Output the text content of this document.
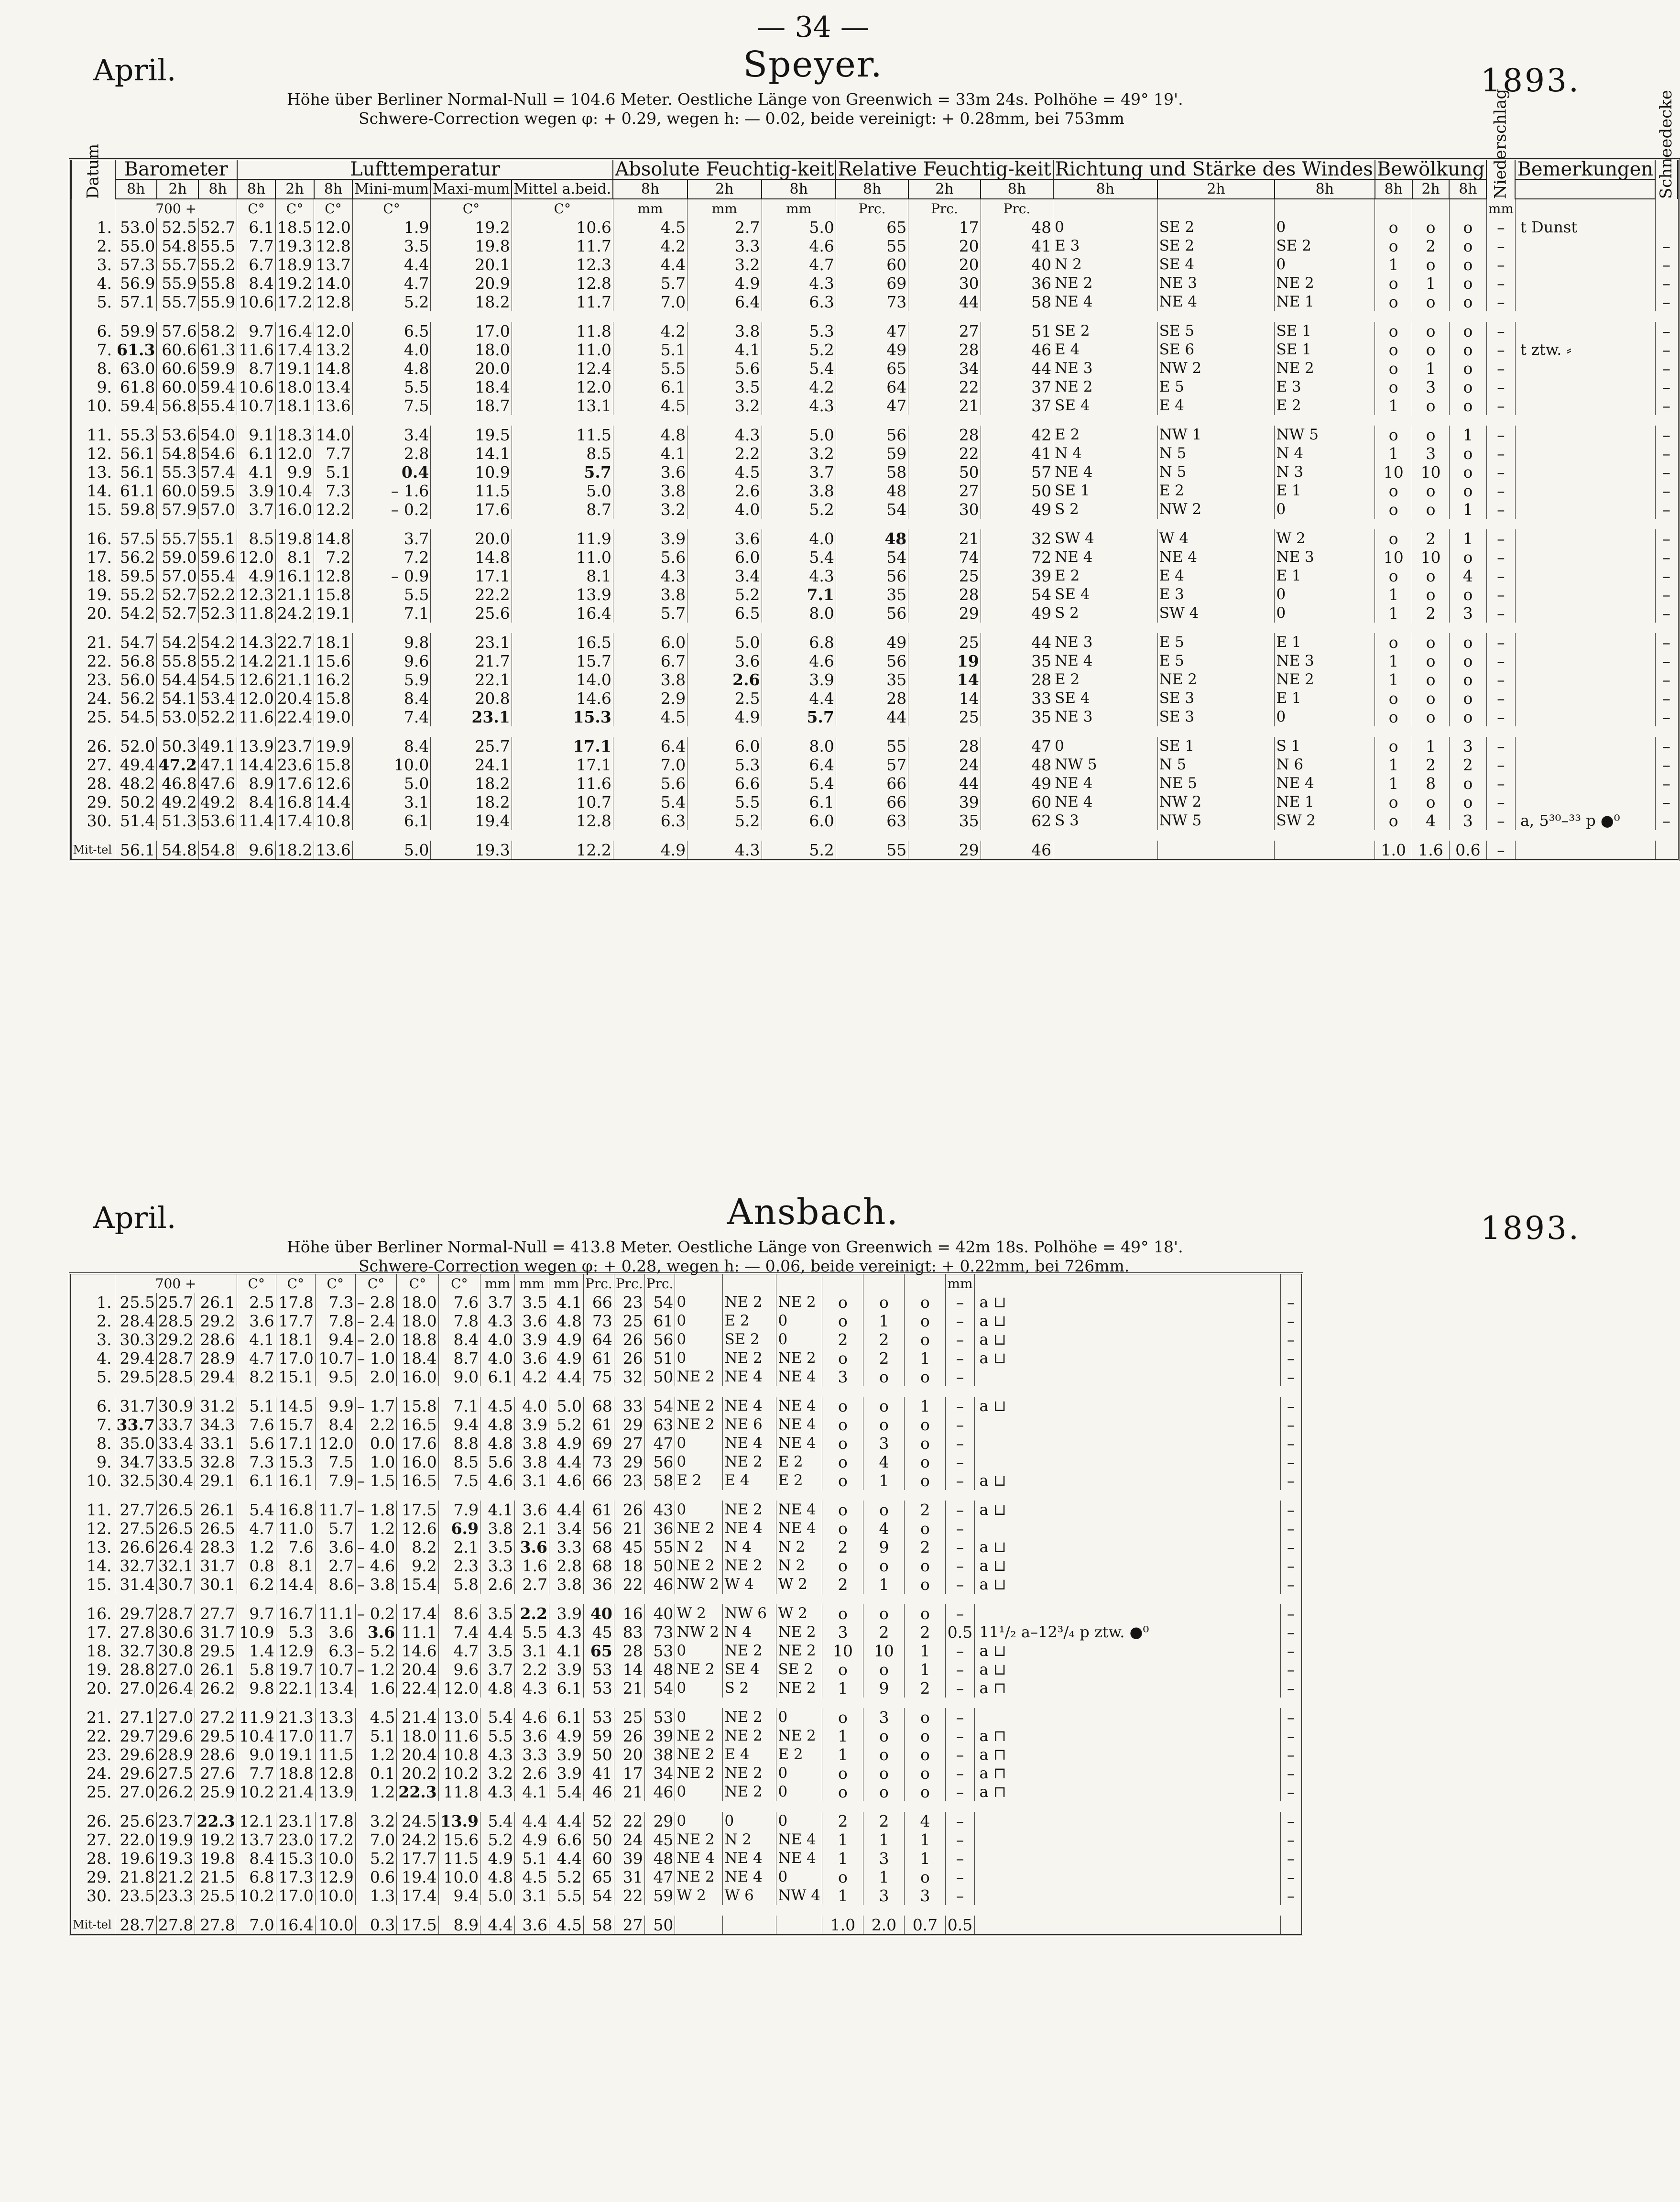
— 34 —
April.	Speyer.	1893.
Höhe über Berliner Normal-Null = 104.6 Meter. Oestliche Länge von Greenwich = 33m 24s. Polhöhe = 49° 19'.
Schwere-Correction wegen φ: + 0.29, wegen h: — 0.02, beide vereinigt: + 0.28mm, bei 753mm
Datum	Barometer			Lufttemperatur						Absolute Feuchtig-keit			Relative Feuchtig-keit			Richtung und Stärke des Windes			Bewölkung			Niederschlag	Bemerkungen	Schneedecke
	8h	2h	8h	8h	2h	8h	Mini-mum	Maxi-mum	Mittel a.beid.	8h	2h	8h	8h	2h	8h	8h	2h	8h	8h	2h	8h			
	700 +			C°	C°	C°	C°	C°	C°	mm	mm	mm	Prc.	Prc.	Prc.							mm		
1.	53.0	52.5	52.7	6.1	18.5	12.0	1.9	19.2	10.6	4.5	2.7	5.0	65	17	48	0	SE 2	0	o	o	o	–	t Dunst	
2.	55.0	54.8	55.5	7.7	19.3	12.8	3.5	19.8	11.7	4.2	3.3	4.6	55	20	41	E 3	SE 2	SE 2	o	2	o	–		–
3.	57.3	55.7	55.2	6.7	18.9	13.7	4.4	20.1	12.3	4.4	3.2	4.7	60	20	40	N 2	SE 4	0	1	o	o	–		–
4.	56.9	55.9	55.8	8.4	19.2	14.0	4.7	20.9	12.8	5.7	4.9	4.3	69	30	36	NE 2	NE 3	NE 2	o	1	o	–		–
5.	57.1	55.7	55.9	10.6	17.2	12.8	5.2	18.2	11.7	7.0	6.4	6.3	73	44	58	NE 4	NE 4	NE 1	o	o	o	–		–

6.	59.9	57.6	58.2	9.7	16.4	12.0	6.5	17.0	11.8	4.2	3.8	5.3	47	27	51	SE 2	SE 5	SE 1	o	o	o	–		–
7.	61.3	60.6	61.3	11.6	17.4	13.2	4.0	18.0	11.0	5.1	4.1	5.2	49	28	46	E 4	SE 6	SE 1	o	o	o	–	t ztw. ⸗	–
8.	63.0	60.6	59.9	8.7	19.1	14.8	4.8	20.0	12.4	5.5	5.6	5.4	65	34	44	NE 3	NW 2	NE 2	o	1	o	–		–
9.	61.8	60.0	59.4	10.6	18.0	13.4	5.5	18.4	12.0	6.1	3.5	4.2	64	22	37	NE 2	E 5	E 3	o	3	o	–		–
10.	59.4	56.8	55.4	10.7	18.1	13.6	7.5	18.7	13.1	4.5	3.2	4.3	47	21	37	SE 4	E 4	E 2	1	o	o	–		–

11.	55.3	53.6	54.0	9.1	18.3	14.0	3.4	19.5	11.5	4.8	4.3	5.0	56	28	42	E 2	NW 1	NW 5	o	o	1	–		–
12.	56.1	54.8	54.6	6.1	12.0	7.7	2.8	14.1	8.5	4.1	2.2	3.2	59	22	41	N 4	N 5	N 4	1	3	o	–		–
13.	56.1	55.3	57.4	4.1	9.9	5.1	0.4	10.9	5.7	3.6	4.5	3.7	58	50	57	NE 4	N 5	N 3	10	10	o	–		–
14.	61.1	60.0	59.5	3.9	10.4	7.3	– 1.6	11.5	5.0	3.8	2.6	3.8	48	27	50	SE 1	E 2	E 1	o	o	o	–		–
15.	59.8	57.9	57.0	3.7	16.0	12.2	– 0.2	17.6	8.7	3.2	4.0	5.2	54	30	49	S 2	NW 2	0	o	o	1	–		–

16.	57.5	55.7	55.1	8.5	19.8	14.8	3.7	20.0	11.9	3.9	3.6	4.0	48	21	32	SW 4	W 4	W 2	o	2	1	–		–
17.	56.2	59.0	59.6	12.0	8.1	7.2	7.2	14.8	11.0	5.6	6.0	5.4	54	74	72	NE 4	NE 4	NE 3	10	10	o	–		–
18.	59.5	57.0	55.4	4.9	16.1	12.8	– 0.9	17.1	8.1	4.3	3.4	4.3	56	25	39	E 2	E 4	E 1	o	o	4	–		–
19.	55.2	52.7	52.2	12.3	21.1	15.8	5.5	22.2	13.9	3.8	5.2	7.1	35	28	54	SE 4	E 3	0	1	o	o	–		–
20.	54.2	52.7	52.3	11.8	24.2	19.1	7.1	25.6	16.4	5.7	6.5	8.0	56	29	49	S 2	SW 4	0	1	2	3	–		–

21.	54.7	54.2	54.2	14.3	22.7	18.1	9.8	23.1	16.5	6.0	5.0	6.8	49	25	44	NE 3	E 5	E 1	o	o	o	–		–
22.	56.8	55.8	55.2	14.2	21.1	15.6	9.6	21.7	15.7	6.7	3.6	4.6	56	19	35	NE 4	E 5	NE 3	1	o	o	–		–
23.	56.0	54.4	54.5	12.6	21.1	16.2	5.9	22.1	14.0	3.8	2.6	3.9	35	14	28	E 2	NE 2	NE 2	1	o	o	–		–
24.	56.2	54.1	53.4	12.0	20.4	15.8	8.4	20.8	14.6	2.9	2.5	4.4	28	14	33	SE 4	SE 3	E 1	o	o	o	–		–
25.	54.5	53.0	52.2	11.6	22.4	19.0	7.4	23.1	15.3	4.5	4.9	5.7	44	25	35	NE 3	SE 3	0	o	o	o	–		–

26.	52.0	50.3	49.1	13.9	23.7	19.9	8.4	25.7	17.1	6.4	6.0	8.0	55	28	47	0	SE 1	S 1	o	1	3	–		–
27.	49.4	47.2	47.1	14.4	23.6	15.8	10.0	24.1	17.1	7.0	5.3	6.4	57	24	48	NW 5	N 5	N 6	1	2	2	–		–
28.	48.2	46.8	47.6	8.9	17.6	12.6	5.0	18.2	11.6	5.6	6.6	5.4	66	44	49	NE 4	NE 5	NE 4	1	8	o	–		–
29.	50.2	49.2	49.2	8.4	16.8	14.4	3.1	18.2	10.7	5.4	5.5	6.1	66	39	60	NE 4	NW 2	NE 1	o	o	o	–		–
30.	51.4	51.3	53.6	11.4	17.4	10.8	6.1	19.4	12.8	6.3	5.2	6.0	63	35	62	S 3	NW 5	SW 2	o	4	3	–	a, 5³⁰–³³ p ●⁰	–

Mit-tel	56.1	54.8	54.8	9.6	18.2	13.6	5.0	19.3	12.2	4.9	4.3	5.2	55	29	46				1.0	1.6	0.6	–		
April.	Ansbach.	1893.
Höhe über Berliner Normal-Null = 413.8 Meter. Oestliche Länge von Greenwich = 42m 18s. Polhöhe = 49° 18'.
Schwere-Correction wegen φ: + 0.28, wegen h: — 0.06, beide vereinigt: + 0.22mm, bei 726mm.
	700 +			C°	C°	C°	C°	C°	C°	mm	mm	mm	Prc.	Prc.	Prc.							mm		
1.	25.5	25.7	26.1	2.5	17.8	7.3	– 2.8	18.0	7.6	3.7	3.5	4.1	66	23	54	0	NE 2	NE 2	o	o	o	–	a ⊔	–
2.	28.4	28.5	29.2	3.6	17.7	7.8	– 2.4	18.0	7.8	4.3	3.6	4.8	73	25	61	0	E 2	0	o	1	o	–	a ⊔	–
3.	30.3	29.2	28.6	4.1	18.1	9.4	– 2.0	18.8	8.4	4.0	3.9	4.9	64	26	56	0	SE 2	0	2	2	o	–	a ⊔	–
4.	29.4	28.7	28.9	4.7	17.0	10.7	– 1.0	18.4	8.7	4.0	3.6	4.9	61	26	51	0	NE 2	NE 2	o	2	1	–	a ⊔	–
5.	29.5	28.5	29.4	8.2	15.1	9.5	2.0	16.0	9.0	6.1	4.2	4.4	75	32	50	NE 2	NE 4	NE 4	3	o	o	–		–

6.	31.7	30.9	31.2	5.1	14.5	9.9	– 1.7	15.8	7.1	4.5	4.0	5.0	68	33	54	NE 2	NE 4	NE 4	o	o	1	–	a ⊔	–
7.	33.7	33.7	34.3	7.6	15.7	8.4	2.2	16.5	9.4	4.8	3.9	5.2	61	29	63	NE 2	NE 6	NE 4	o	o	o	–		–
8.	35.0	33.4	33.1	5.6	17.1	12.0	0.0	17.6	8.8	4.8	3.8	4.9	69	27	47	0	NE 4	NE 4	o	3	o	–		–
9.	34.7	33.5	32.8	7.3	15.3	7.5	1.0	16.0	8.5	5.6	3.8	4.4	73	29	56	0	NE 2	E 2	o	4	o	–		–
10.	32.5	30.4	29.1	6.1	16.1	7.9	– 1.5	16.5	7.5	4.6	3.1	4.6	66	23	58	E 2	E 4	E 2	o	1	o	–	a ⊔	–

11.	27.7	26.5	26.1	5.4	16.8	11.7	– 1.8	17.5	7.9	4.1	3.6	4.4	61	26	43	0	NE 2	NE 4	o	o	2	–	a ⊔	–
12.	27.5	26.5	26.5	4.7	11.0	5.7	1.2	12.6	6.9	3.8	2.1	3.4	56	21	36	NE 2	NE 4	NE 4	o	4	o	–		–
13.	26.6	26.4	28.3	1.2	7.6	3.6	– 4.0	8.2	2.1	3.5	3.6	3.3	68	45	55	N 2	N 4	N 2	2	9	2	–	a ⊔	–
14.	32.7	32.1	31.7	0.8	8.1	2.7	– 4.6	9.2	2.3	3.3	1.6	2.8	68	18	50	NE 2	NE 2	N 2	o	o	o	–	a ⊔	–
15.	31.4	30.7	30.1	6.2	14.4	8.6	– 3.8	15.4	5.8	2.6	2.7	3.8	36	22	46	NW 2	W 4	W 2	2	1	o	–	a ⊔	–

16.	29.7	28.7	27.7	9.7	16.7	11.1	– 0.2	17.4	8.6	3.5	2.2	3.9	40	16	40	W 2	NW 6	W 2	o	o	o	–		–
17.	27.8	30.6	31.7	10.9	5.3	3.6	3.6	11.1	7.4	4.4	5.5	4.3	45	83	73	NW 2	N 4	NE 2	3	2	2	0.5	11¹/₂ a–12³/₄ p ztw. ●⁰	–
18.	32.7	30.8	29.5	1.4	12.9	6.3	– 5.2	14.6	4.7	3.5	3.1	4.1	65	28	53	0	NE 2	NE 2	10	10	1	–	a ⊔	–
19.	28.8	27.0	26.1	5.8	19.7	10.7	– 1.2	20.4	9.6	3.7	2.2	3.9	53	14	48	NE 2	SE 4	SE 2	o	o	1	–	a ⊔	–
20.	27.0	26.4	26.2	9.8	22.1	13.4	1.6	22.4	12.0	4.8	4.3	6.1	53	21	54	0	S 2	NE 2	1	9	2	–	a ⊓	–

21.	27.1	27.0	27.2	11.9	21.3	13.3	4.5	21.4	13.0	5.4	4.6	6.1	53	25	53	0	NE 2	0	o	3	o	–		–
22.	29.7	29.6	29.5	10.4	17.0	11.7	5.1	18.0	11.6	5.5	3.6	4.9	59	26	39	NE 2	NE 2	NE 2	1	o	o	–	a ⊓	–
23.	29.6	28.9	28.6	9.0	19.1	11.5	1.2	20.4	10.8	4.3	3.3	3.9	50	20	38	NE 2	E 4	E 2	1	o	o	–	a ⊓	–
24.	29.6	27.5	27.6	7.7	18.8	12.8	0.1	20.2	10.2	3.2	2.6	3.9	41	17	34	NE 2	NE 2	0	o	o	o	–	a ⊓	–
25.	27.0	26.2	25.9	10.2	21.4	13.9	1.2	22.3	11.8	4.3	4.1	5.4	46	21	46	0	NE 2	0	o	o	o	–	a ⊓	–

26.	25.6	23.7	22.3	12.1	23.1	17.8	3.2	24.5	13.9	5.4	4.4	4.4	52	22	29	0	0	0	2	2	4	–		–
27.	22.0	19.9	19.2	13.7	23.0	17.2	7.0	24.2	15.6	5.2	4.9	6.6	50	24	45	NE 2	N 2	NE 4	1	1	1	–		–
28.	19.6	19.3	19.8	8.4	15.3	10.0	5.2	17.7	11.5	4.9	5.1	4.4	60	39	48	NE 4	NE 4	NE 4	1	3	1	–		–
29.	21.8	21.2	21.5	6.8	17.3	12.9	0.6	19.4	10.0	4.8	4.5	5.2	65	31	47	NE 2	NE 4	0	o	1	o	–		–
30.	23.5	23.3	25.5	10.2	17.0	10.0	1.3	17.4	9.4	5.0	3.1	5.5	54	22	59	W 2	W 6	NW 4	1	3	3	–		–

Mit-tel	28.7	27.8	27.8	7.0	16.4	10.0	0.3	17.5	8.9	4.4	3.6	4.5	58	27	50				1.0	2.0	0.7	0.5		
